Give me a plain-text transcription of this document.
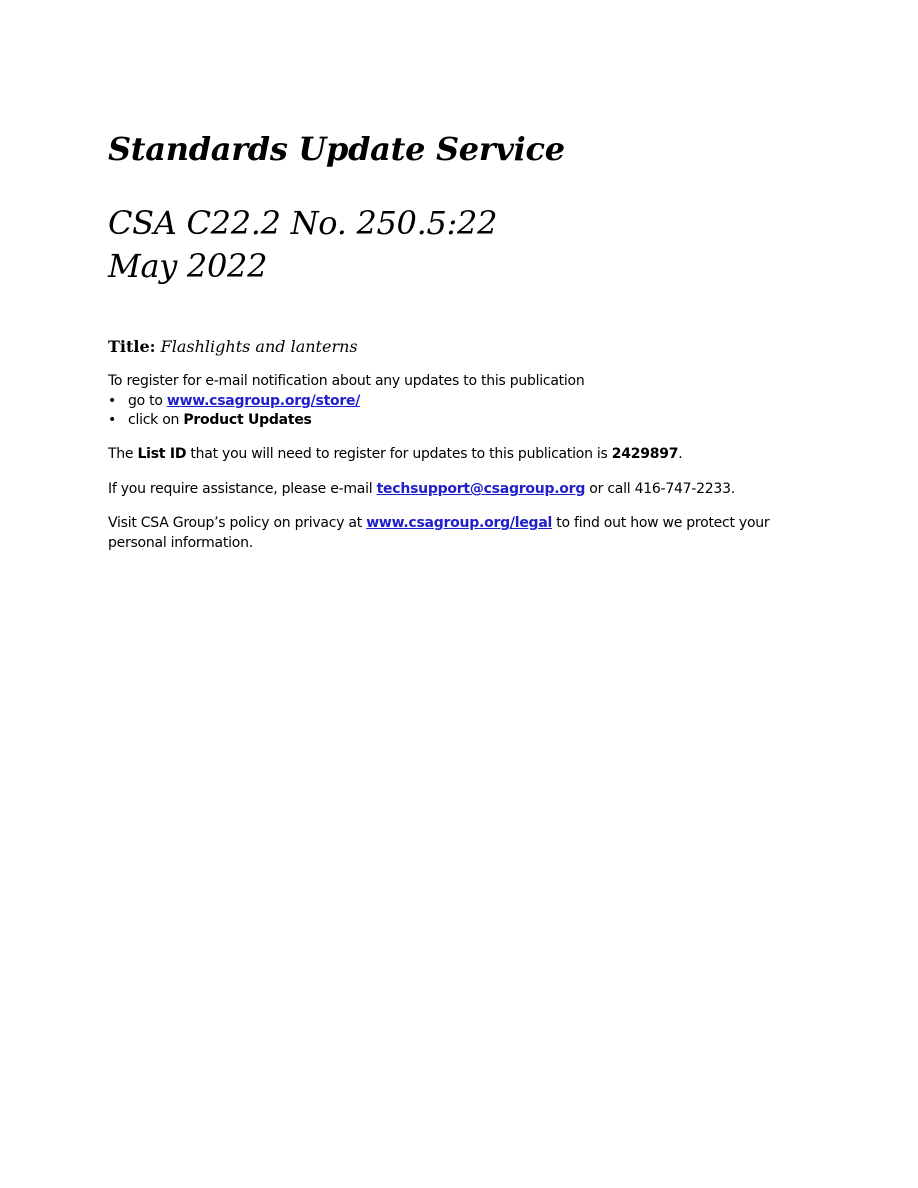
Standards Update Service
CSA C22.2 No. 250.5:22
May 2022
Title: Flashlights and lanterns

To register for e-mail notification about any updates to this publication

• go to www.csagroup.org/store/
• click on Product Updates

The List ID that you will need to register for updates to this publication is 2429897.

If you require assistance, please e-mail techsupport@csagroup.org or call 416-747-2233.

Visit CSA Group’s policy on privacy at www.csagroup.org/legal to find out how we protect your personal information.
